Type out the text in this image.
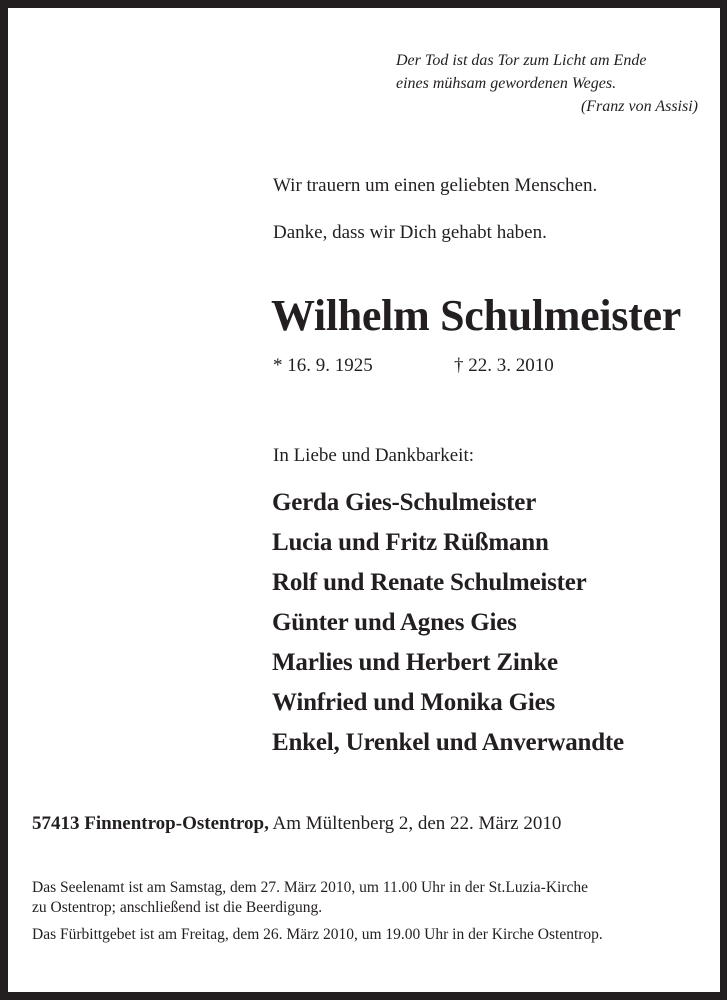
Der Tod ist das Tor zum Licht am Ende
eines mühsam gewordenen Weges.
(Franz von Assisi)
Wir trauern um einen geliebten Menschen.
Danke, dass wir Dich gehabt haben.
Wilhelm Schulmeister
* 16. 9. 1925	† 22. 3. 2010
In Liebe und Dankbarkeit:
Gerda Gies-Schulmeister
Lucia und Fritz Rüßmann
Rolf und Renate Schulmeister
Günter und Agnes Gies
Marlies und Herbert Zinke
Winfried und Monika Gies
Enkel, Urenkel und Anverwandte
57413 Finnentrop-Ostentrop, Am Mültenberg 2, den 22. März 2010
Das Seelenamt ist am Samstag, dem 27. März 2010, um 11.00 Uhr in der St.Luzia-Kirche
zu Ostentrop; anschließend ist die Beerdigung.
Das Fürbittgebet ist am Freitag, dem 26. März 2010, um 19.00 Uhr in der Kirche Ostentrop.
